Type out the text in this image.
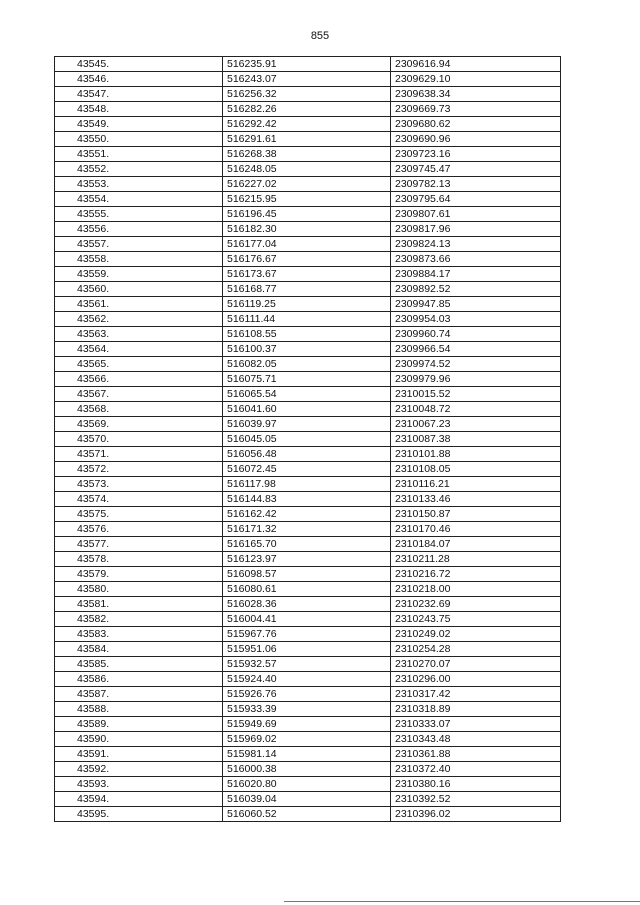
855
43545.	516235.91	2309616.94
43546.	516243.07	2309629.10
43547.	516256.32	2309638.34
43548.	516282.26	2309669.73
43549.	516292.42	2309680.62
43550.	516291.61	2309690.96
43551.	516268.38	2309723.16
43552.	516248.05	2309745.47
43553.	516227.02	2309782.13
43554.	516215.95	2309795.64
43555.	516196.45	2309807.61
43556.	516182.30	2309817.96
43557.	516177.04	2309824.13
43558.	516176.67	2309873.66
43559.	516173.67	2309884.17
43560.	516168.77	2309892.52
43561.	516119.25	2309947.85
43562.	516111.44	2309954.03
43563.	516108.55	2309960.74
43564.	516100.37	2309966.54
43565.	516082.05	2309974.52
43566.	516075.71	2309979.96
43567.	516065.54	2310015.52
43568.	516041.60	2310048.72
43569.	516039.97	2310067.23
43570.	516045.05	2310087.38
43571.	516056.48	2310101.88
43572.	516072.45	2310108.05
43573.	516117.98	2310116.21
43574.	516144.83	2310133.46
43575.	516162.42	2310150.87
43576.	516171.32	2310170.46
43577.	516165.70	2310184.07
43578.	516123.97	2310211.28
43579.	516098.57	2310216.72
43580.	516080.61	2310218.00
43581.	516028.36	2310232.69
43582.	516004.41	2310243.75
43583.	515967.76	2310249.02
43584.	515951.06	2310254.28
43585.	515932.57	2310270.07
43586.	515924.40	2310296.00
43587.	515926.76	2310317.42
43588.	515933.39	2310318.89
43589.	515949.69	2310333.07
43590.	515969.02	2310343.48
43591.	515981.14	2310361.88
43592.	516000.38	2310372.40
43593.	516020.80	2310380.16
43594.	516039.04	2310392.52
43595.	516060.52	2310396.02
